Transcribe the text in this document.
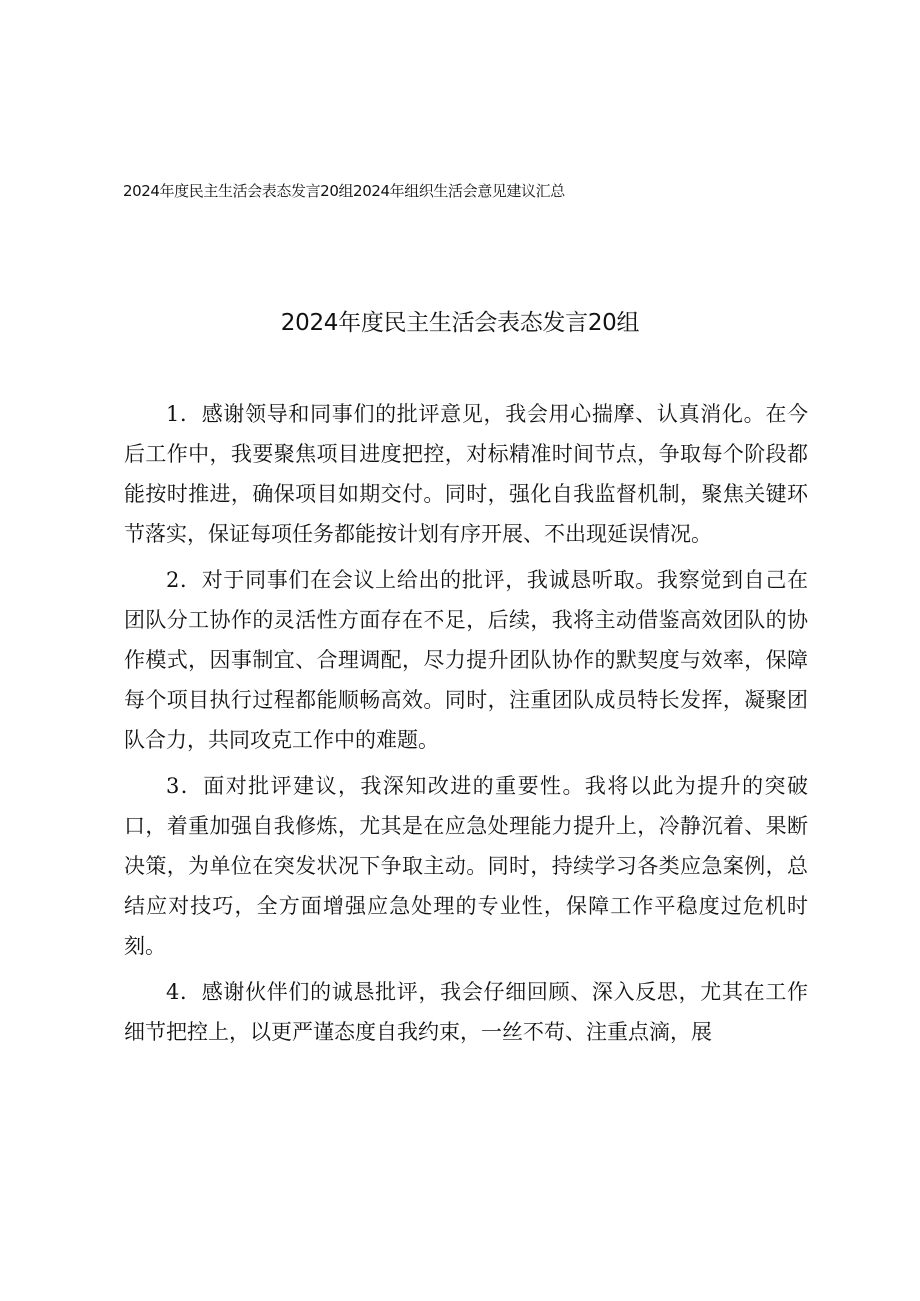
2024年度民主生活会表态发言20组2024年组织生活会意见建议汇总
2024年度民主生活会表态发言20组

1．感谢领导和同事们的批评意见，我会用心揣摩、认真消化。在今后工作中，我要聚焦项目进度把控，对标精准时间节点，争取每个阶段都能按时推进，确保项目如期交付。同时，强化自我监督机制，聚焦关键环节落实，保证每项任务都能按计划有序开展、不出现延误情况。

2．对于同事们在会议上给出的批评，我诚恳听取。我察觉到自己在团队分工协作的灵活性方面存在不足，后续，我将主动借鉴高效团队的协作模式，因事制宜、合理调配，尽力提升团队协作的默契度与效率，保障每个项目执行过程都能顺畅高效。同时，注重团队成员特长发挥，凝聚团队合力，共同攻克工作中的难题。

3．面对批评建议，我深知改进的重要性。我将以此为提升的突破口，着重加强自我修炼，尤其是在应急处理能力提升上，冷静沉着、果断决策，为单位在突发状况下争取主动。同时，持续学习各类应急案例，总结应对技巧，全方面增强应急处理的专业性，保障工作平稳度过危机时刻。

4．感谢伙伴们的诚恳批评，我会仔细回顾、深入反思，尤其在工作细节把控上，以更严谨态度自我约束，一丝不苟、注重点滴，展
